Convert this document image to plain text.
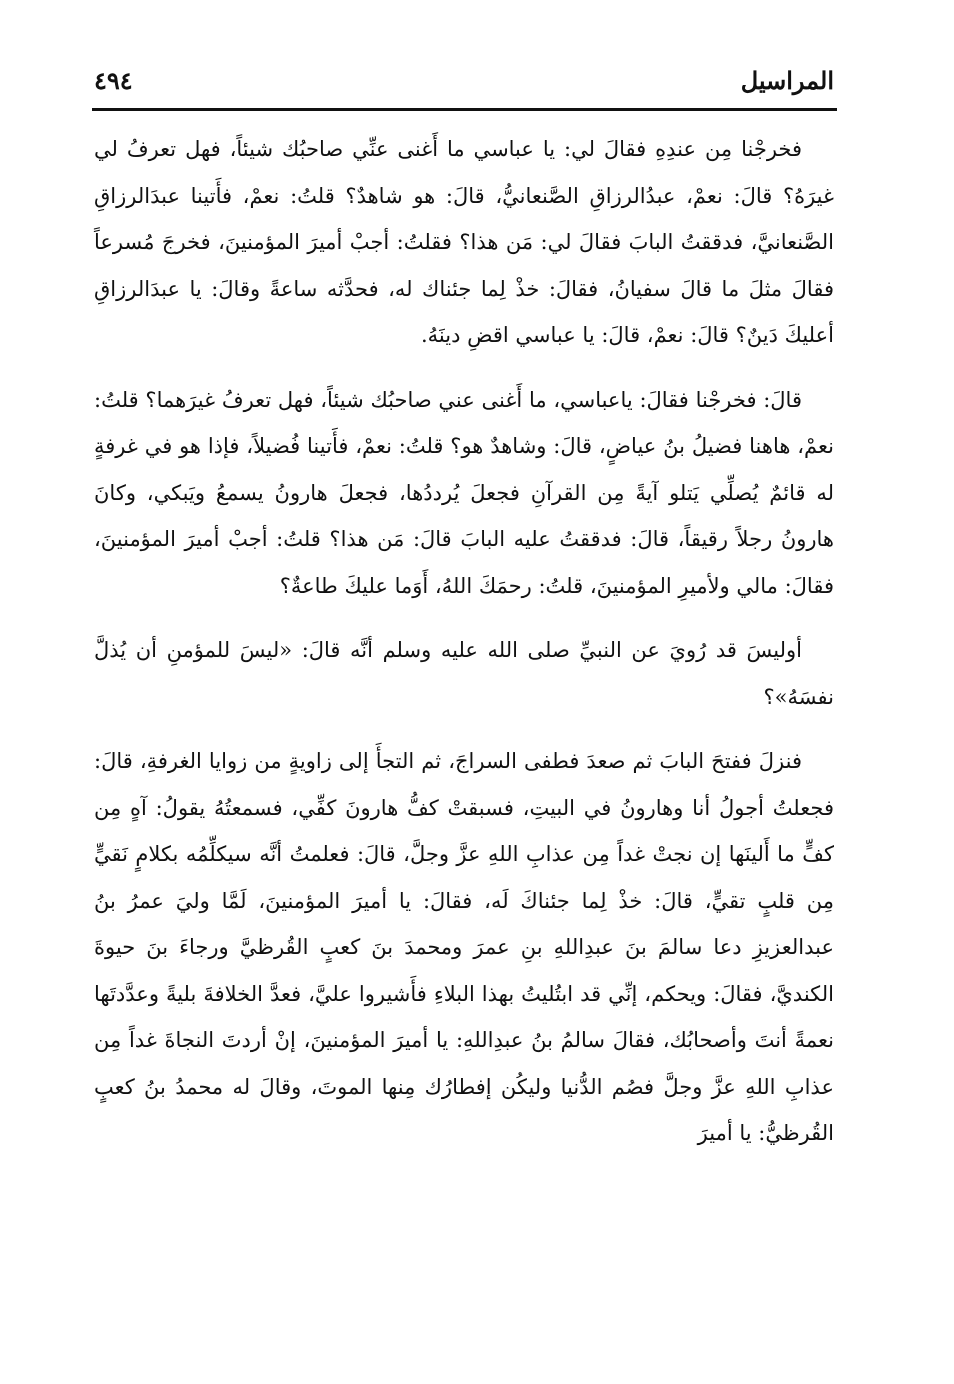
المراسيل
٤٩٤

فخرجْنا مِن عندِهِ فقالَ لي: يا عباسي ما أَغنى عنِّي صاحبُك شيئاً، فهل تعرفُ لي غيرَهُ؟ قالَ: نعمْ، عبدُالرزاقِ الصَّنعانيُّ، قالَ: هو شاهدٌ؟ قلتُ: نعمْ، فأَتينا عبدَالرزاقِ الصَّنعانيَّ، فدققتُ البابَ فقالَ لي: مَن هذا؟ فقلتُ: أجبْ أميرَ المؤمنينَ، فخرجَ مُسرعاً فقالَ مثلَ ما قالَ سفيانُ، فقالَ: خذْ لِما جئناك له، فحدَّثه ساعةً وقالَ: يا عبدَالرزاقِ أعليكَ دَينٌ؟ قالَ: نعمْ، قالَ: يا عباسي اقضِ دينَهُ.

قالَ: فخرجْنا فقالَ: ياعباسي، ما أَغنى عني صاحبُك شيئاً، فهل تعرفُ غيرَهما؟ قلتُ: نعمْ، هاهنا فضيلُ بنُ عياضٍ، قالَ: وشاهدٌ هو؟ قلتُ: نعمْ، فأَتينا فُضيلاً، فإذا هو في غرفةٍ له قائمٌ يُصلِّي يَتلو آيةً مِن القرآنِ فجعلَ يُرددُها، فجعلَ هارونُ يسمعُ ويَبكي، وكانَ هارونُ رجلاً رقيقاً، قالَ: فدققتُ عليه البابَ قالَ: مَن هذا؟ قلتُ: أجبْ أميرَ المؤمنينَ، فقالَ: مالي ولأميرِ المؤمنينَ، قلتُ: رحمَكَ اللهُ، أَوَما عليكَ طاعةٌ؟

أوليسَ قد رُويَ عن النبيِّ صلى الله عليه وسلم أنَّه قالَ: «ليسَ للمؤمنِ أن يُذلَّ نفسَهُ»؟

فنزلَ ففتحَ البابَ ثم صعدَ فطفى السراجَ، ثم التجأَ إلى زاويةٍ من زوايا الغرفةِ، قالَ: فجعلتُ أجولُ أنا وهارونُ في البيتِ، فسبقتْ كفُّ هارونَ كفِّي، فسمعتُهُ يقولُ: آهٍ مِن كفٍّ ما أَلينَها إن نجتْ غداً مِن عذابِ اللهِ عزَّ وجلَّ، قالَ: فعلمتُ أنَّه سيكلِّمُه بكلامٍ نَقيٍّ مِن قلبٍ تقيٍّ، قالَ: خذْ لِما جئناكَ لَه، فقالَ: يا أميرَ المؤمنينَ، لَمَّا وليَ عمرُ بنُ عبدالعزيزِ دعا سالمَ بنَ عبدِاللهِ بنِ عمرَ ومحمدَ بنَ كعبٍ القُرظيَّ ورجاءَ بنَ حيوةَ الكنديَّ، فقالَ: ويحكم، إنِّي قد ابتُليتُ بهذا البلاءِ فأَشيروا عليَّ، فعدَّ الخلافةَ بليةً وعدَّدتَها نعمةً أنتَ وأصحابُك، فقالَ سالمُ بنُ عبدِاللهِ: يا أميرَ المؤمنينَ، إنْ أردتَ النجاةَ غداً مِن عذابِ اللهِ عزَّ وجلَّ فصُم الدُّنيا وليكُن إفطارُك مِنها الموتَ، وقالَ له محمدُ بنُ كعبٍ القُرظيُّ: يا أميرَ
